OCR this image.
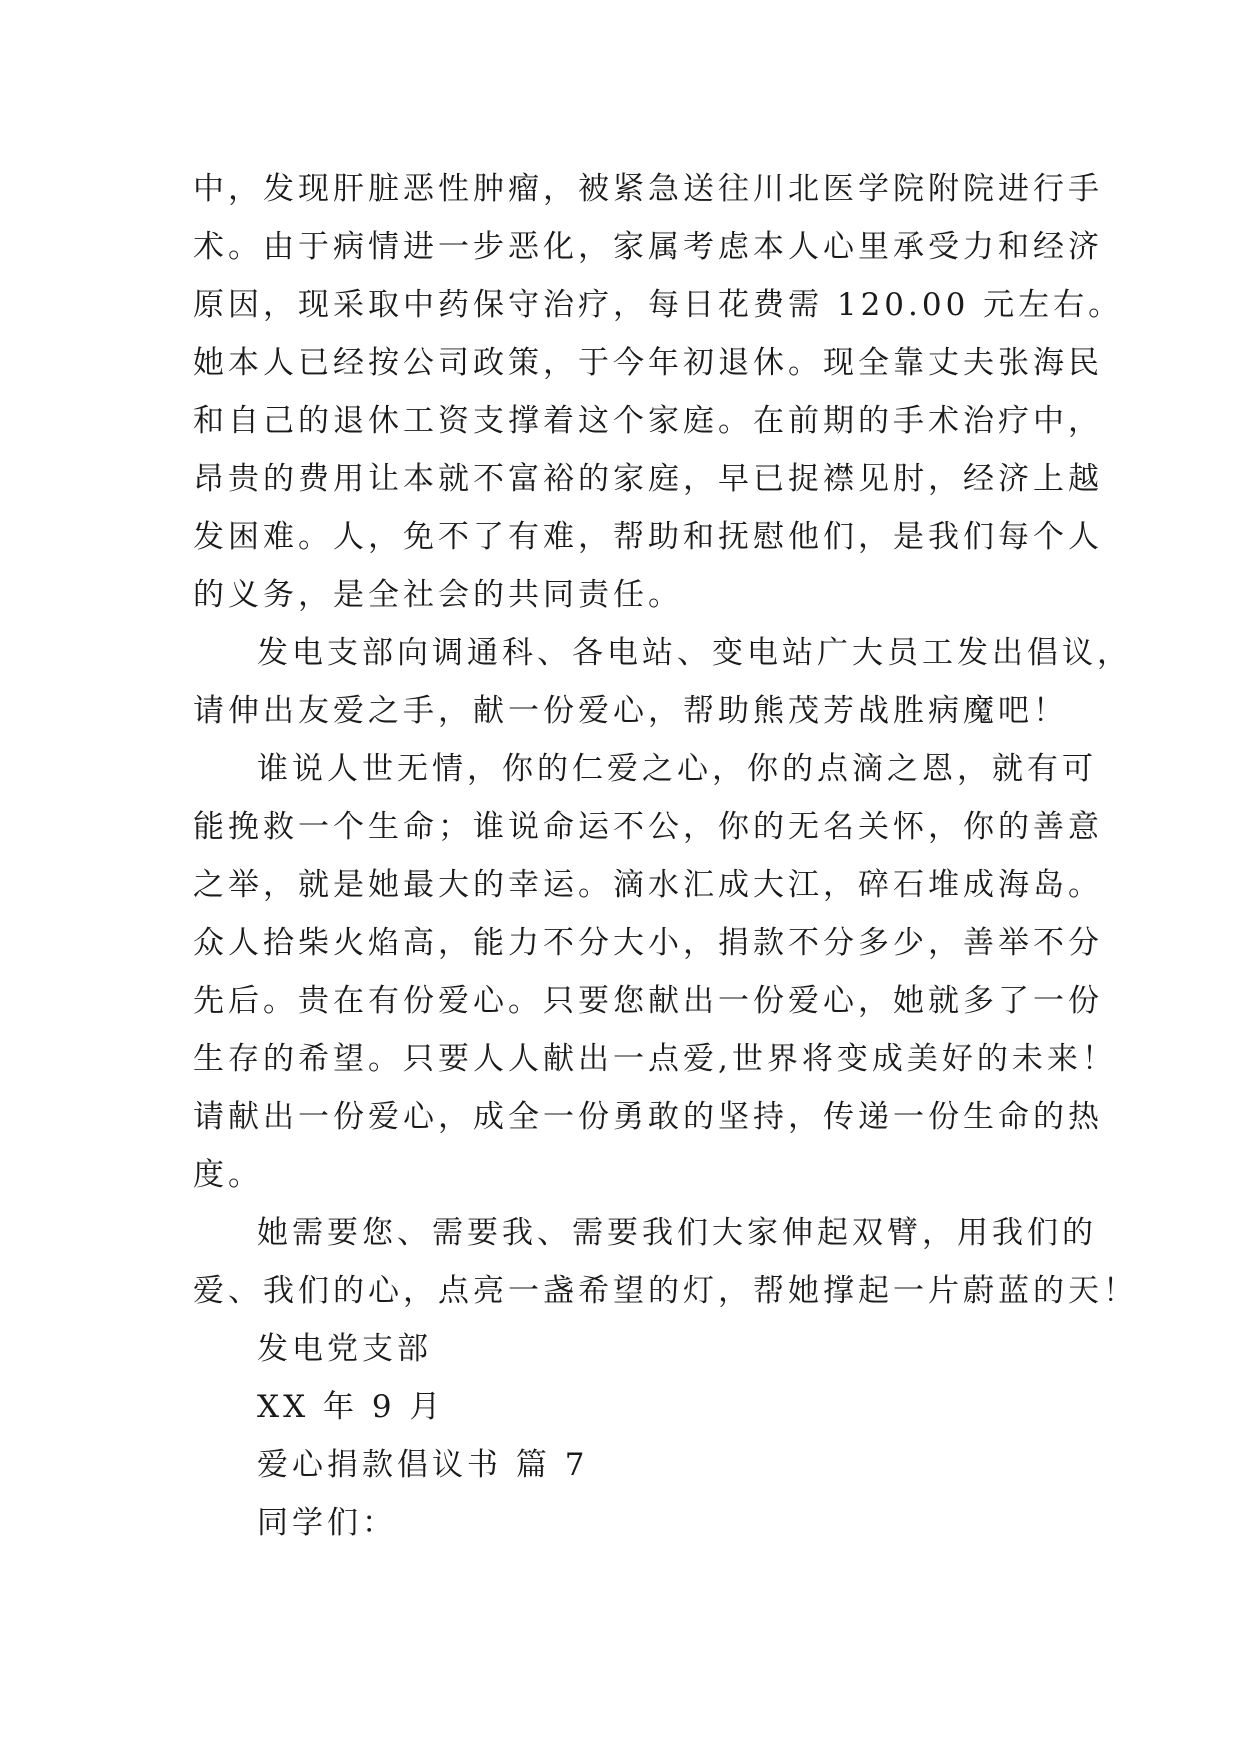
中，发现肝脏恶性肿瘤，被紧急送往川北医学院附院进行手
术。由于病情进一步恶化，家属考虑本人心里承受力和经济
原因，现采取中药保守治疗，每日花费需 120.00 元左右。
她本人已经按公司政策，于今年初退休。现全靠丈夫张海民
和自己的退休工资支撑着这个家庭。在前期的手术治疗中，
昂贵的费用让本就不富裕的家庭，早已捉襟见肘，经济上越
发困难。人，免不了有难，帮助和抚慰他们，是我们每个人
的义务，是全社会的共同责任。

发电支部向调通科、各电站、变电站广大员工发出倡议，
请伸出友爱之手，献一份爱心，帮助熊茂芳战胜病魔吧！

谁说人世无情，你的仁爱之心，你的点滴之恩，就有可
能挽救一个生命；谁说命运不公，你的无名关怀，你的善意
之举，就是她最大的幸运。滴水汇成大江，碎石堆成海岛。
众人拾柴火焰高，能力不分大小，捐款不分多少，善举不分
先后。贵在有份爱心。只要您献出一份爱心，她就多了一份
生存的希望。只要人人献出一点爱,世界将变成美好的未来！
请献出一份爱心，成全一份勇敢的坚持，传递一份生命的热
度。

她需要您、需要我、需要我们大家伸起双臂，用我们的
爱、我们的心，点亮一盏希望的灯，帮她撑起一片蔚蓝的天！

发电党支部
XX 年 9 月

爱心捐款倡议书 篇 7
同学们：
